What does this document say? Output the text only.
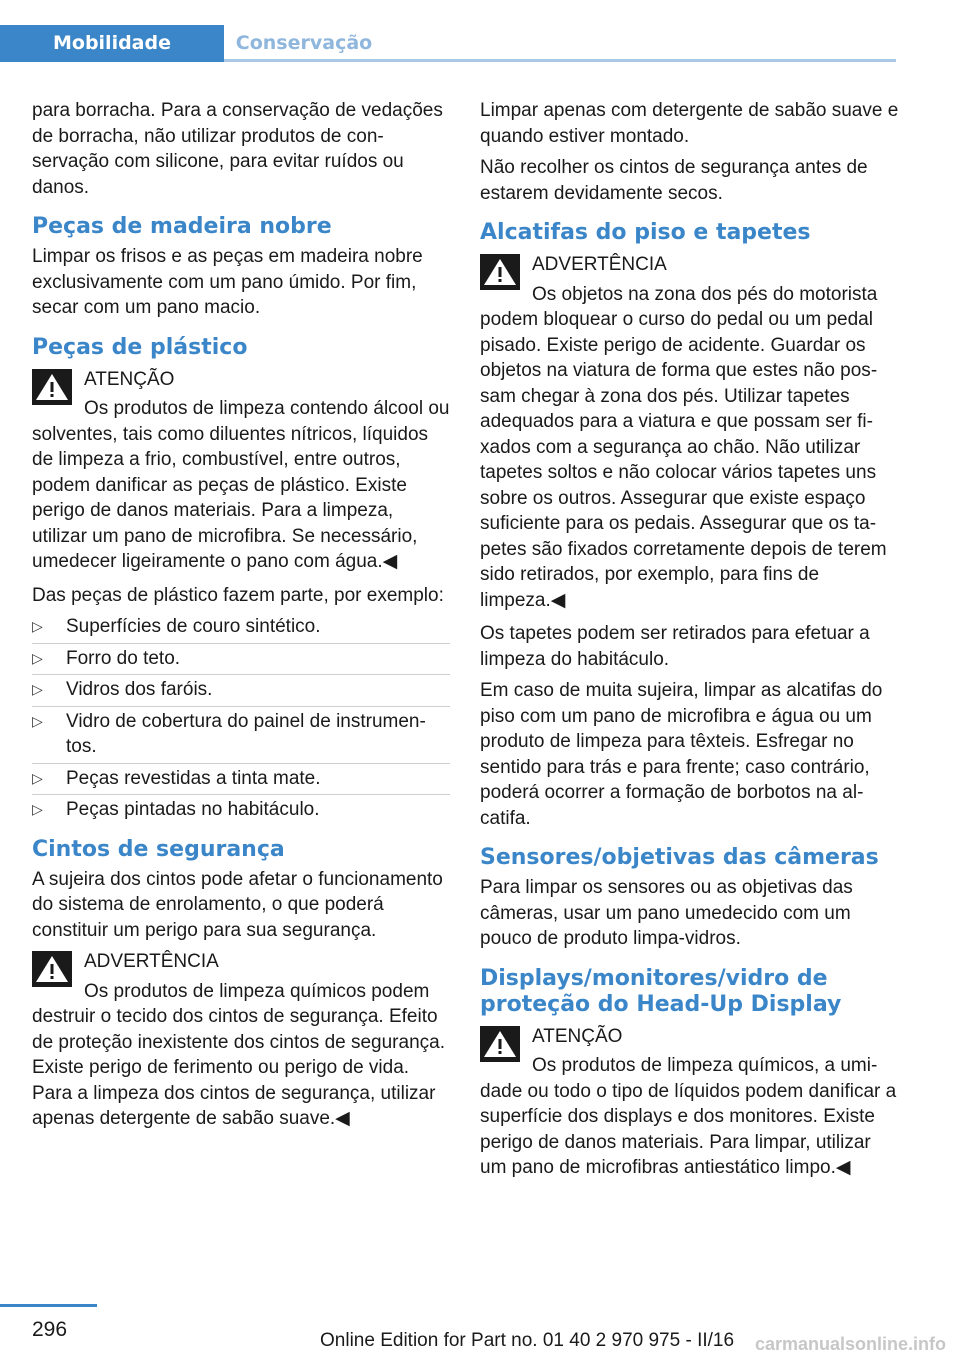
Mobilidade	Conservação

para borracha. Para a conservação de vedações de borracha, não utilizar produtos de conservação com silicone, para evitar ruídos ou danos.

Peças de madeira nobre

Limpar os frisos e as peças em madeira nobre exclusivamente com um pano úmido. Por fim, secar com um pano macio.

Peças de plástico
ATENÇÃO

Os produtos de limpeza contendo álcool ou solventes, tais como diluentes nítricos, líquidos de limpeza a frio, combustível, entre outros, podem danificar as peças de plástico. Existe perigo de danos materiais. Para a limpeza, utilizar um pano de microfibra. Se necessário, umedecer ligeiramente o pano com água.◀

Das peças de plástico fazem parte, por exemplo:

▷ Superfícies de couro sintético.
▷ Forro do teto.
▷ Vidros dos faróis.
▷ Vidro de cobertura do painel de instrumentos.
▷ Peças revestidas a tinta mate.
▷ Peças pintadas no habitáculo.
Cintos de segurança

A sujeira dos cintos pode afetar o funcionamento do sistema de enrolamento, o que poderá constituir um perigo para sua segurança.

ADVERTÊNCIA

Os produtos de limpeza químicos podem destruir o tecido dos cintos de segurança. Efeito de proteção inexistente dos cintos de segurança. Existe perigo de ferimento ou perigo de vida. Para a limpeza dos cintos de segurança, utilizar apenas detergente de sabão suave.◀

Limpar apenas com detergente de sabão suave e quando estiver montado.

Não recolher os cintos de segurança antes de estarem devidamente secos.

Alcatifas do piso e tapetes
ADVERTÊNCIA

Os objetos na zona dos pés do motorista podem bloquear o curso do pedal ou um pedal pisado. Existe perigo de acidente. Guardar os objetos na viatura de forma que estes não possam chegar à zona dos pés. Utilizar tapetes adequados para a viatura e que possam ser fixados com a segurança ao chão. Não utilizar tapetes soltos e não colocar vários tapetes uns sobre os outros. Assegurar que existe espaço suficiente para os pedais. Assegurar que os tapetes são fixados corretamente depois de terem sido retirados, por exemplo, para fins de limpeza.◀

Os tapetes podem ser retirados para efetuar a limpeza do habitáculo.

Em caso de muita sujeira, limpar as alcatifas do piso com um pano de microfibra e água ou um produto de limpeza para têxteis. Esfregar no sentido para trás e para frente; caso contrário, poderá ocorrer a formação de borbotos na alcatifa.

Sensores/objetivas das câmeras

Para limpar os sensores ou as objetivas das câmeras, usar um pano umedecido com um pouco de produto limpa-vidros.

Displays/monitores/vidro de proteção do Head-Up Display
ATENÇÃO

Os produtos de limpeza químicos, a umidade ou todo o tipo de líquidos podem danificar a superfície dos displays e dos monitores. Existe perigo de danos materiais. Para limpar, utilizar um pano de microfibras antiestático limpo.◀

296	Online Edition for Part no. 01 40 2 970 975 - II/16 carmanualsonline.info
